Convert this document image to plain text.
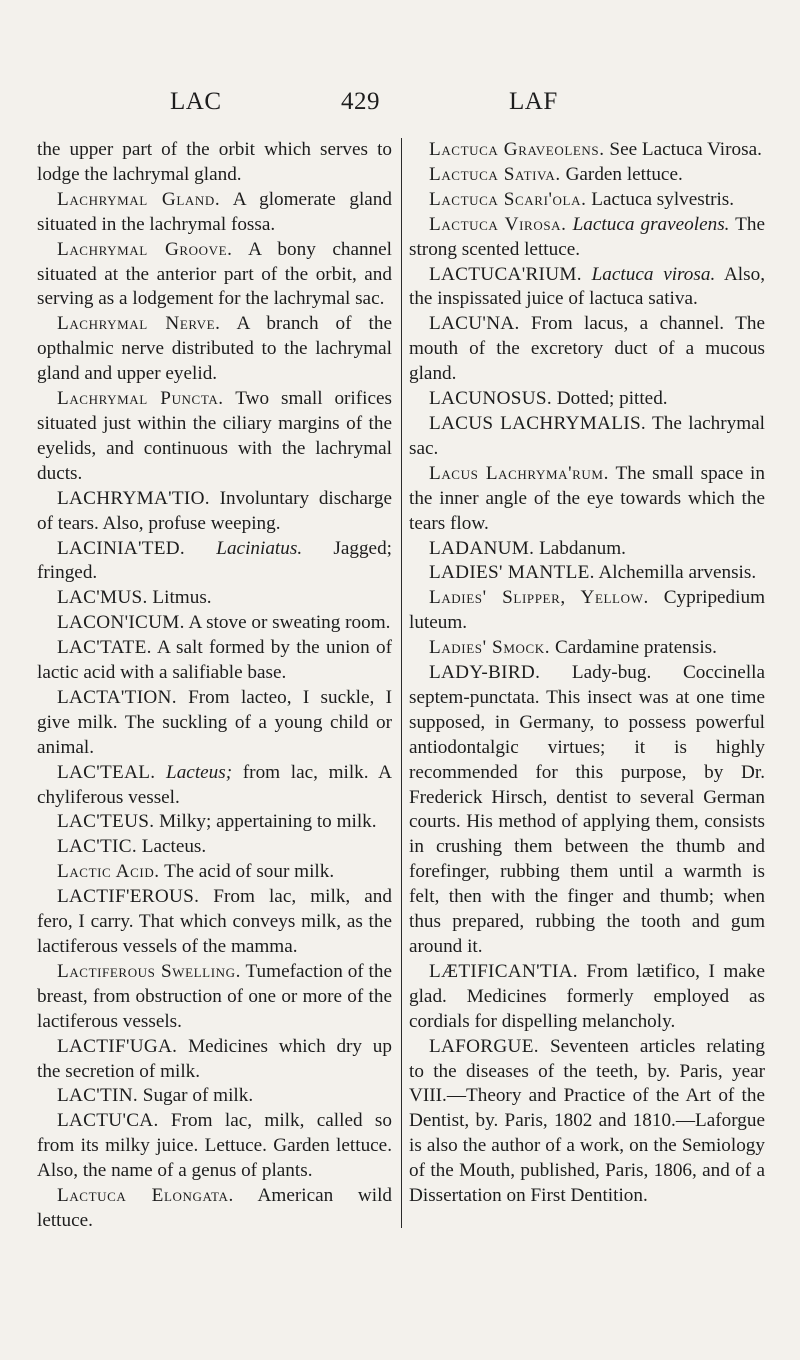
LAC	429	LAF

the upper part of the orbit which serves to lodge the lachrymal gland.

Lachrymal Gland. A glomerate gland situated in the lachrymal fossa.

Lachrymal Groove. A bony channel situated at the anterior part of the orbit, and serving as a lodgement for the lachrymal sac.

Lachrymal Nerve. A branch of the opthalmic nerve distributed to the lachrymal gland and upper eyelid.

Lachrymal Puncta. Two small orifices situated just within the ciliary margins of the eyelids, and continuous with the lachrymal ducts.

LACHRYMA'TIO. Involuntary discharge of tears. Also, profuse weeping.

LACINIA'TED. Laciniatus. Jagged; fringed.

LAC'MUS. Litmus.

LACON'ICUM. A stove or sweating room.

LAC'TATE. A salt formed by the union of lactic acid with a salifiable base.

LACTA'TION. From lacteo, I suckle, I give milk. The suckling of a young child or animal.

LAC'TEAL. Lacteus; from lac, milk. A chyliferous vessel.

LAC'TEUS. Milky; appertaining to milk.

LAC'TIC. Lacteus.

Lactic Acid. The acid of sour milk.

LACTIF'EROUS. From lac, milk, and fero, I carry. That which conveys milk, as the lactiferous vessels of the mamma.

Lactiferous Swelling. Tumefaction of the breast, from obstruction of one or more of the lactiferous vessels.

LACTIF'UGA. Medicines which dry up the secretion of milk.

LAC'TIN. Sugar of milk.

LACTU'CA. From lac, milk, called so from its milky juice. Lettuce. Garden lettuce. Also, the name of a genus of plants.

Lactuca Elongata. American wild lettuce.

Lactuca Graveolens. See Lactuca Virosa.

Lactuca Sativa. Garden lettuce.

Lactuca Scari'ola. Lactuca sylvestris.

Lactuca Virosa. Lactuca graveolens. The strong scented lettuce.

LACTUCA'RIUM. Lactuca virosa. Also, the inspissated juice of lactuca sativa.

LACU'NA. From lacus, a channel. The mouth of the excretory duct of a mucous gland.

LACUNOSUS. Dotted; pitted.

LACUS LACHRYMALIS. The lachrymal sac.

Lacus Lachryma'rum. The small space in the inner angle of the eye towards which the tears flow.

LADANUM. Labdanum.

LADIES' MANTLE. Alchemilla arvensis.

Ladies' Slipper, Yellow. Cypripedium luteum.

Ladies' Smock. Cardamine pratensis.

LADY-BIRD. Lady-bug. Coccinella septem-punctata. This insect was at one time supposed, in Germany, to possess powerful antiodontalgic virtues; it is highly recommended for this purpose, by Dr. Frederick Hirsch, dentist to several German courts. His method of applying them, consists in crushing them between the thumb and forefinger, rubbing them until a warmth is felt, then with the finger and thumb; when thus prepared, rubbing the tooth and gum around it.

LÆTIFICAN'TIA. From lætifico, I make glad. Medicines formerly employed as cordials for dispelling melancholy.

LAFORGUE. Seventeen articles relating to the diseases of the teeth, by. Paris, year VIII.—Theory and Practice of the Art of the Dentist, by. Paris, 1802 and 1810.—Laforgue is also the author of a work, on the Semiology of the Mouth, published, Paris, 1806, and of a Dissertation on First Dentition.
